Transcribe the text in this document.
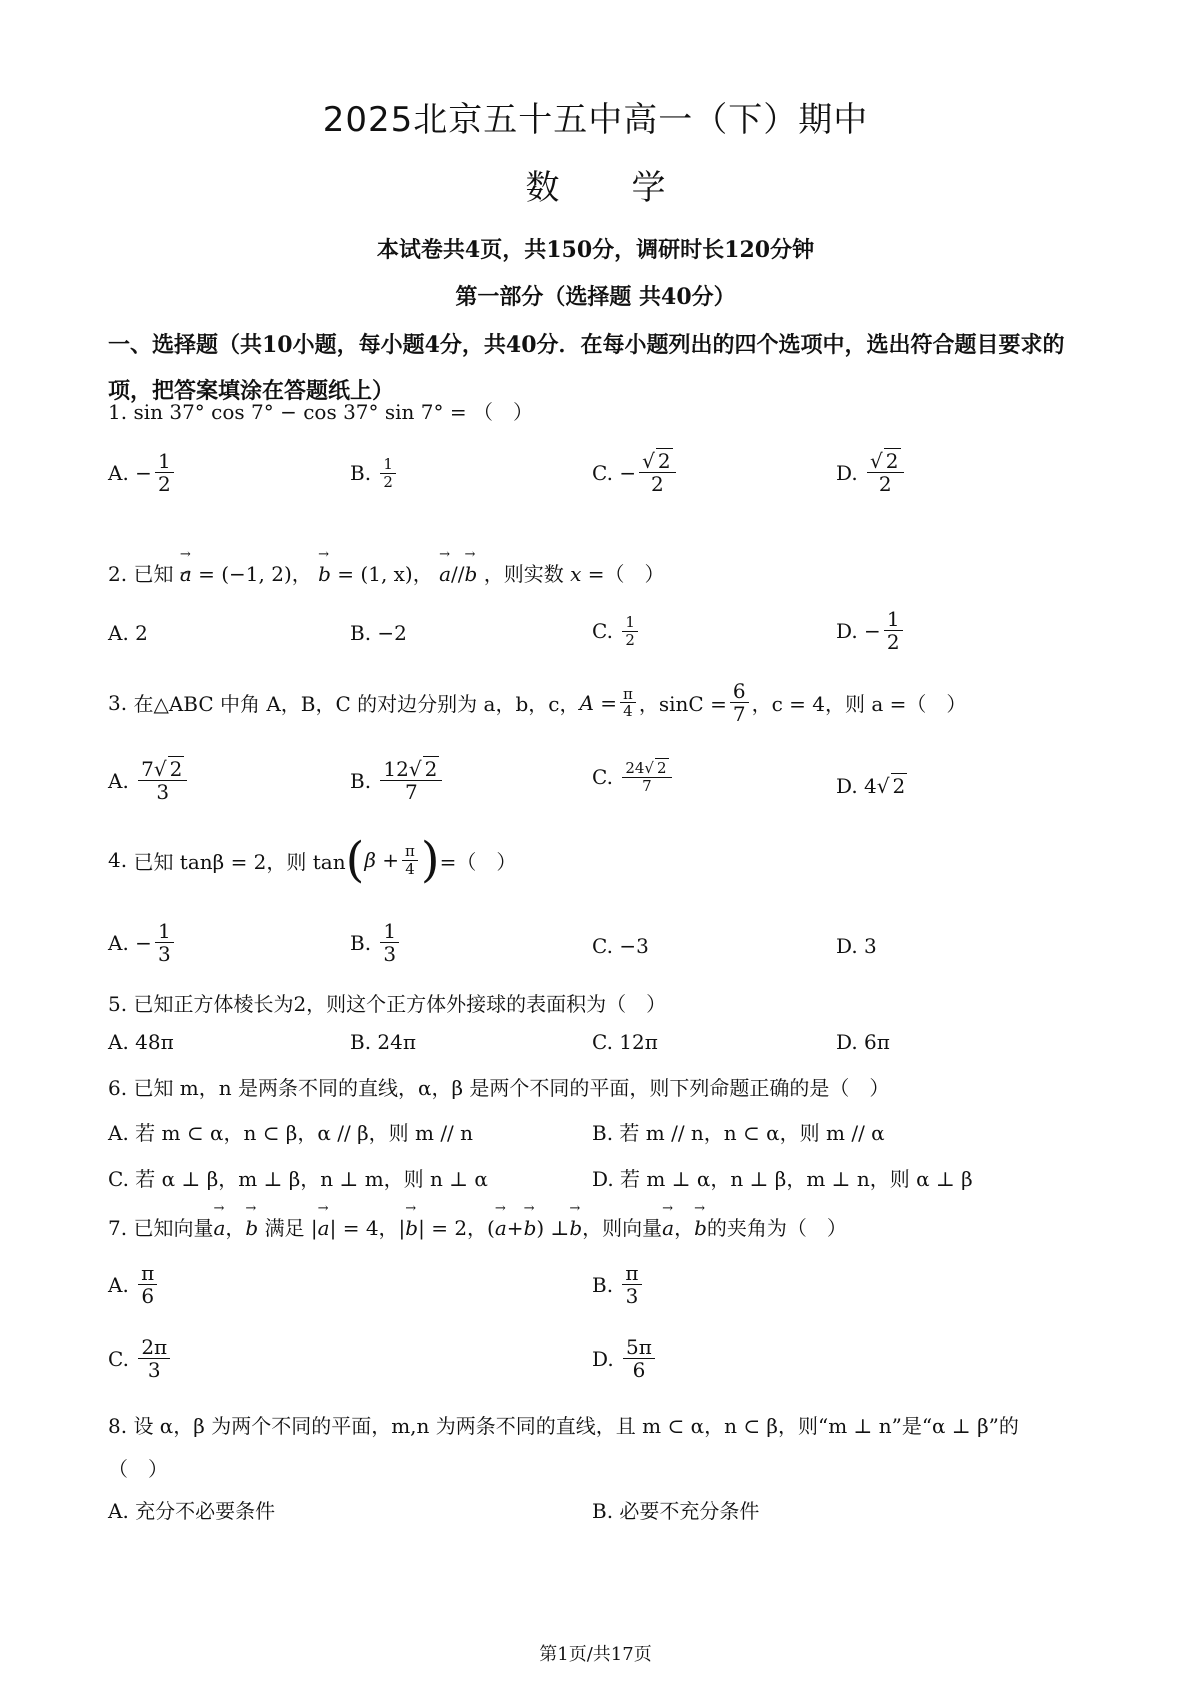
2025北京五十五中高一（下）期中
数 学
本试卷共4页，共150分，调研时长120分钟
第一部分（选择题 共40分）
一、选择题（共10小题，每小题4分，共40分．在每小题列出的四个选项中，选出符合题目要求的项，把答案填涂在答题纸上）
1. sin 37° cos 7° − cos 37° sin 7° = （　）
A.
− $\frac{1}{2}$	B.
$\frac{1}{2}$	C.
− $\frac{√ 2}{2}$	D.
$\frac{√ 2}{2}$
2. 已知 → a = (−1, 2)， → b = (1, x)， → a//→ b ，则实数 x =（　）
A.
2	B.
−2	C.
$\frac{1}{2}$	D.
− $\frac{1}{2}$
3.
在△ABC 中角 A，B，C 的对边分别为 a，b，c， $A = \frac{\pi}{4}$ ，$\sin C = \frac{6}{7}$ ，c = 4，则 a =（　）
A.
$\frac{7√ 2}{3}$	B.
$\frac{12√ 2}{7}$	C.
$\frac{24√ 2}{7}$	D.
4 √ 2
4.
已知 tanβ = 2，则 tan ( $\beta + \frac{\pi}{4}$ ) =（　）
A.
− $\frac{1}{3}$	B.
$\frac{1}{3}$	C.
−3	D.
3
5. 已知正方体棱长为2，则这个正方体外接球的表面积为（　）
A. 48π	B. 24π	C. 12π	D. 6π
6. 已知 m，n 是两条不同的直线，α，β 是两个不同的平面，则下列命题正确的是（　）
A. 若 m ⊂ α，n ⊂ β，α // β，则 m // n	B. 若 m // n，n ⊂ α，则 m // α
C. 若 α ⊥ β，m ⊥ β，n ⊥ m，则 n ⊥ α	D. 若 m ⊥ α，n ⊥ β，m ⊥ n，则 α ⊥ β
7. 已知向量→ a，→ b 满足 |→ a| = 4，|→ b| = 2，(→ a+→ b) ⊥→ b，则向量→ a，→ b的夹角为（　）
A.
$\frac{\pi}{6}$	B.
$\frac{\pi}{3}$
C.
$\frac{2\pi}{3}$	D.
$\frac{5\pi}{6}$
8. 设 α，β 为两个不同的平面，m,n 为两条不同的直线，且 m ⊂ α，n ⊂ β，则“m ⊥ n”是“α ⊥ β”的
（　）
A. 充分不必要条件	B. 必要不充分条件
第1页/共17页
